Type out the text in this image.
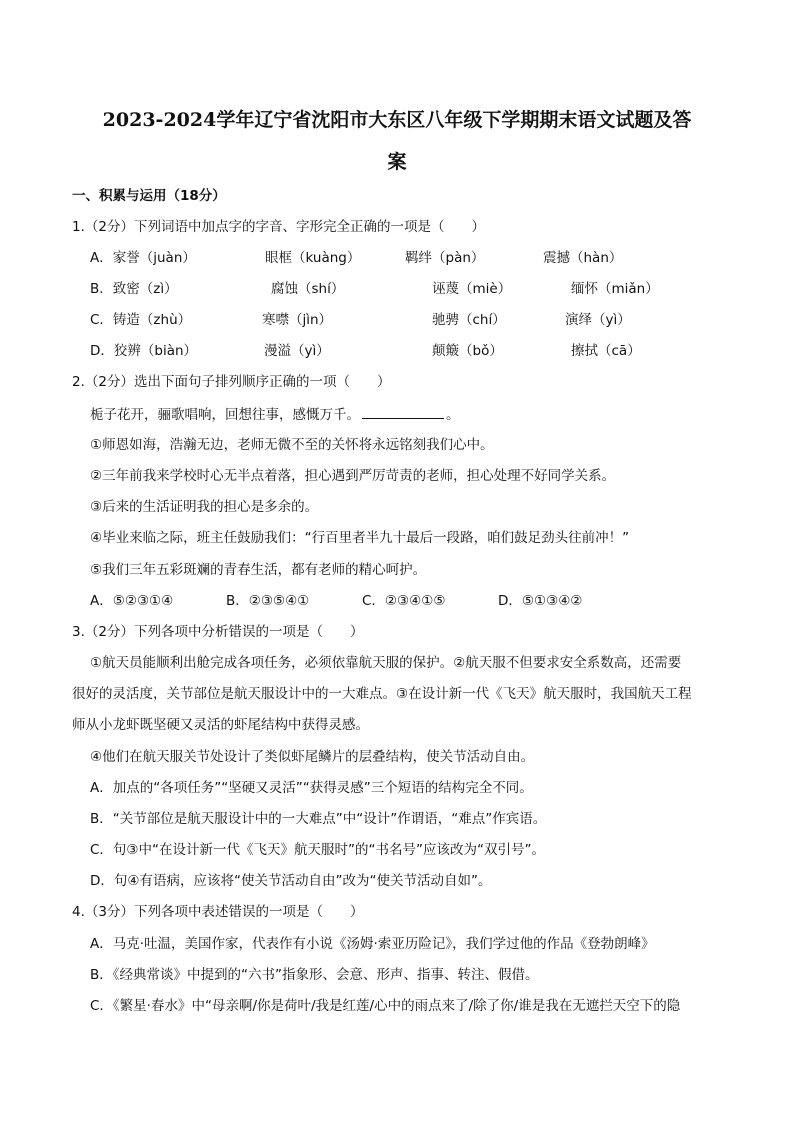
2023-2024学年辽宁省沈阳市大东区八年级下学期期末语文试题及答
案
一、积累与运用（18分）
1.（2分）下列词语中加点字的字音、字形完全正确的一项是（　　）
A．家誉（juàn）	眼框（kuàng）	羁绊（pàn）	震撼（hàn）
B．致密（zì）	腐蚀（shí）	诬蔑（miè）	缅怀（miǎn）
C．铸造（zhù）	寒噤（jìn）	驰骋（chí）	演绎（yì）
D．狡辨（biàn）	漫溢（yì）	颠簸（bǒ）	擦拭（cā）
2.（2分）选出下面句子排列顺序正确的一项（　　）
栀子花开，骊歌唱响，回想往事，感慨万千。	。
①师恩如海，浩瀚无边，老师无微不至的关怀将永远铭刻我们心中。
②三年前我来学校时心无半点着落，担心遇到严厉苛责的老师，担心处理不好同学关系。
③后来的生活证明我的担心是多余的。
④毕业来临之际，班主任鼓励我们：“行百里者半九十最后一段路，咱们鼓足劲头往前冲！”
⑤我们三年五彩斑斓的青春生活，都有老师的精心呵护。
A．⑤②③①④	B．②③⑤④①	C．②③④①⑤	D．⑤①③④②
3.（2分）下列各项中分析错误的一项是（　　）
①航天员能顺利出舱完成各项任务，必须依靠航天服的保护。②航天服不但要求安全系数高，还需要
很好的灵活度，关节部位是航天服设计中的一大难点。③在设计新一代《飞天》航天服时，我国航天工程
师从小龙虾既坚硬又灵活的虾尾结构中获得灵感。
④他们在航天服关节处设计了类似虾尾鳞片的层叠结构，使关节活动自由。
A．加点的“各项任务”“坚硬又灵活”“获得灵感”三个短语的结构完全不同。
B．“关节部位是航天服设计中的一大难点”中“设计”作谓语，“难点”作宾语。
C．句③中“在设计新一代《飞天》航天服时”的“书名号”应该改为“双引号”。
D．句④有语病，应该将“使关节活动自由”改为“使关节活动自如”。
4.（3分）下列各项中表述错误的一项是（　　）
A．马克·吐温，美国作家，代表作有小说《汤姆·索亚历险记》，我们学过他的作品《登勃朗峰》
B．《经典常谈》中提到的“六书”指象形、会意、形声、指事、转注、假借。
C．《繁星·春水》中“母亲啊/你是荷叶/我是红莲/心中的雨点来了/除了你/谁是我在无遮拦天空下的隐
